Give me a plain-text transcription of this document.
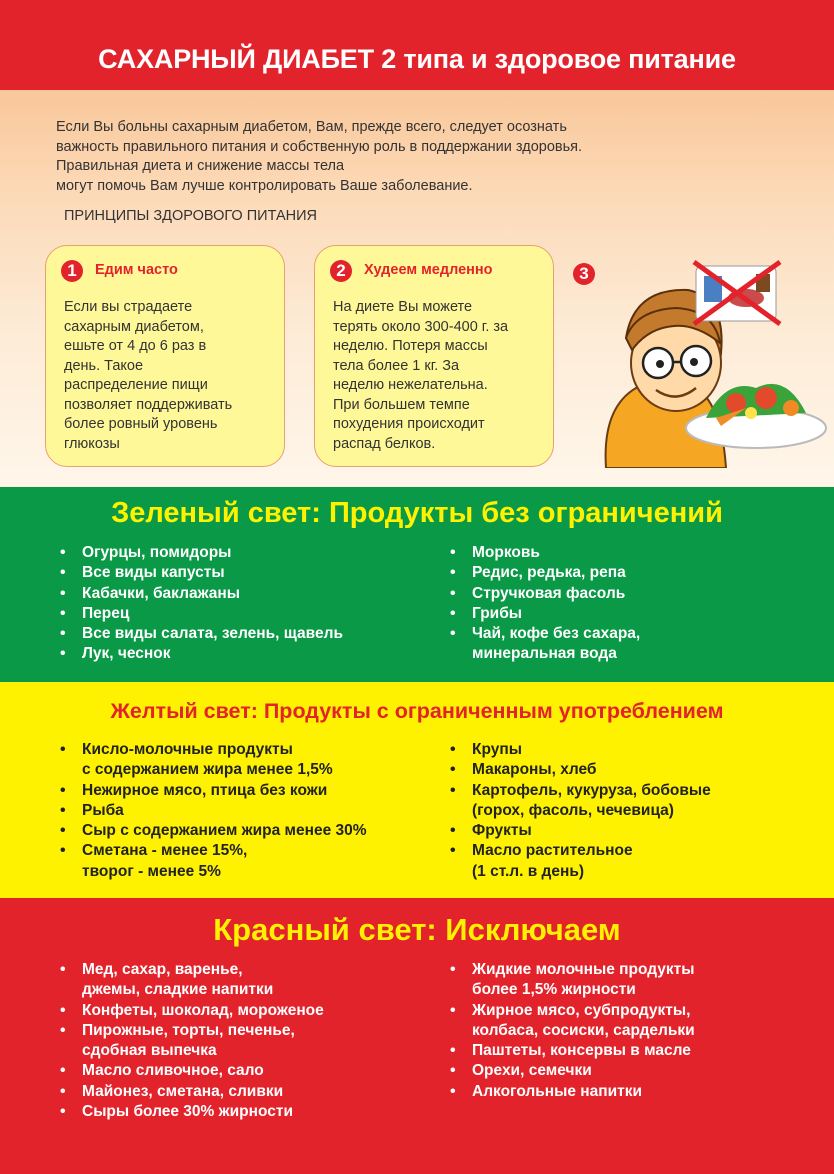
САХАРНЫЙ ДИАБЕТ 2 типа и здоровое питание
Если Вы больны сахарным диабетом, Вам, прежде всего, следует осознать
важность правильного питания и собственную роль в поддержании здоровья.
Правильная диета и снижение массы тела
могут помочь Вам лучше контролировать Ваше заболевание.
ПРИНЦИПЫ ЗДОРОВОГО ПИТАНИЯ
1	Едим часто
Если вы страдаете
сахарным диабетом,
ешьте от 4 до 6 раз в
день. Такое
распределение пищи
позволяет поддерживать
более ровный уровень
глюкозы
2	Худеем медленно
На диете Вы можете
терять около 300-400 г. за
неделю. Потеря массы
тела более 1 кг. За
неделю нежелательна.
При большем темпе
похудения происходит
распад белков.
3
Зеленый свет: Продукты без ограничений
• Огурцы, помидоры
• Все виды капусты
• Кабачки, баклажаны
• Перец
• Все виды салата, зелень, щавель
• Лук, чеснок
• Морковь
• Редис, редька, репа
• Стручковая фасоль
• Грибы
• Чай, кофе без сахара,
минеральная вода
Желтый свет: Продукты с ограниченным употреблением
• Кисло-молочные продукты
с содержанием жира менее 1,5%
• Нежирное мясо, птица без кожи
• Рыба
• Сыр с содержанием жира менее 30%
• Сметана - менее 15%,
творог - менее 5%
• Крупы
• Макароны, хлеб
• Картофель, кукуруза, бобовые
(горох, фасоль, чечевица)
• Фрукты
• Масло растительное
(1 ст.л. в день)
Красный свет: Исключаем
• Мед, сахар, варенье,
джемы, сладкие напитки
• Конфеты, шоколад, мороженое
• Пирожные, торты, печенье,
сдобная выпечка
• Масло сливочное, сало
• Майонез, сметана, сливки
• Сыры более 30% жирности
• Жидкие молочные продукты
более 1,5% жирности
• Жирное мясо, субпродукты,
колбаса, сосиски, сардельки
• Паштеты, консервы в масле
• Орехи, семечки
• Алкогольные напитки
